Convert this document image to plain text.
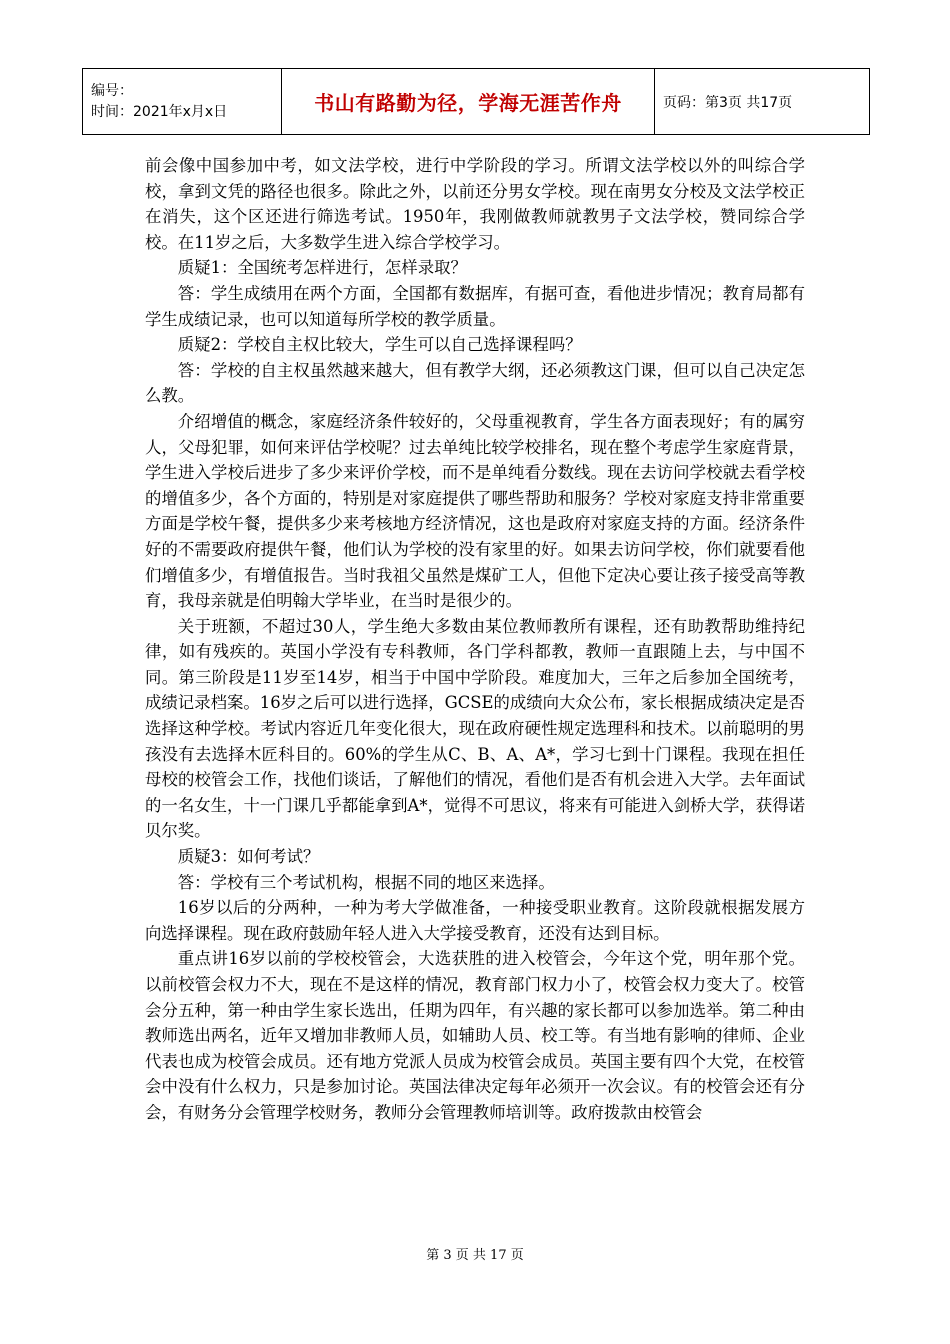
编号：
时间：2021年x月x日	书山有路勤为径，学海无涯苦作舟	页码：第3页 共17页

前会像中国参加中考，如文法学校，进行中学阶段的学习。所谓文法学校以外的叫综合学校，拿到文凭的路径也很多。除此之外，以前还分男女学校。现在南男女分校及文法学校正在消失，这个区还进行筛选考试。1950年，我刚做教师就教男子文法学校，赞同综合学校。在11岁之后，大多数学生进入综合学校学习。

质疑1：全国统考怎样进行，怎样录取？

答：学生成绩用在两个方面，全国都有数据库，有据可查，看他进步情况；教育局都有学生成绩记录，也可以知道每所学校的教学质量。

质疑2：学校自主权比较大，学生可以自己选择课程吗？

答：学校的自主权虽然越来越大，但有教学大纲，还必须教这门课，但可以自己决定怎么教。

介绍增值的概念，家庭经济条件较好的，父母重视教育，学生各方面表现好；有的属穷人，父母犯罪，如何来评估学校呢？过去单纯比较学校排名，现在整个考虑学生家庭背景，学生进入学校后进步了多少来评价学校，而不是单纯看分数线。现在去访问学校就去看学校的增值多少，各个方面的，特别是对家庭提供了哪些帮助和服务？学校对家庭支持非常重要方面是学校午餐，提供多少来考核地方经济情况，这也是政府对家庭支持的方面。经济条件好的不需要政府提供午餐，他们认为学校的没有家里的好。如果去访问学校，你们就要看他们增值多少，有增值报告。当时我祖父虽然是煤矿工人，但他下定决心要让孩子接受高等教育，我母亲就是伯明翰大学毕业，在当时是很少的。

关于班额，不超过30人，学生绝大多数由某位教师教所有课程，还有助教帮助维持纪律，如有残疾的。英国小学没有专科教师，各门学科都教，教师一直跟随上去，与中国不同。第三阶段是11岁至14岁，相当于中国中学阶段。难度加大，三年之后参加全国统考，成绩记录档案。16岁之后可以进行选择，GCSE的成绩向大众公布，家长根据成绩决定是否选择这种学校。考试内容近几年变化很大，现在政府硬性规定选理科和技术。以前聪明的男孩没有去选择木匠科目的。60%的学生从C、B、A、A*，学习七到十门课程。我现在担任母校的校管会工作，找他们谈话，了解他们的情况，看他们是否有机会进入大学。去年面试的一名女生，十一门课几乎都能拿到A*，觉得不可思议，将来有可能进入剑桥大学，获得诺贝尔奖。

质疑3：如何考试？

答：学校有三个考试机构，根据不同的地区来选择。

16岁以后的分两种，一种为考大学做准备，一种接受职业教育。这阶段就根据发展方向选择课程。现在政府鼓励年轻人进入大学接受教育，还没有达到目标。

重点讲16岁以前的学校校管会，大选获胜的进入校管会，今年这个党，明年那个党。以前校管会权力不大，现在不是这样的情况，教育部门权力小了，校管会权力变大了。校管会分五种，第一种由学生家长选出，任期为四年，有兴趣的家长都可以参加选举。第二种由教师选出两名，近年又增加非教师人员，如辅助人员、校工等。有当地有影响的律师、企业代表也成为校管会成员。还有地方党派人员成为校管会成员。英国主要有四个大党，在校管会中没有什么权力，只是参加讨论。英国法律决定每年必须开一次会议。有的校管会还有分会，有财务分会管理学校财务，教师分会管理教师培训等。政府拨款由校管会

第 3 页 共 17 页
